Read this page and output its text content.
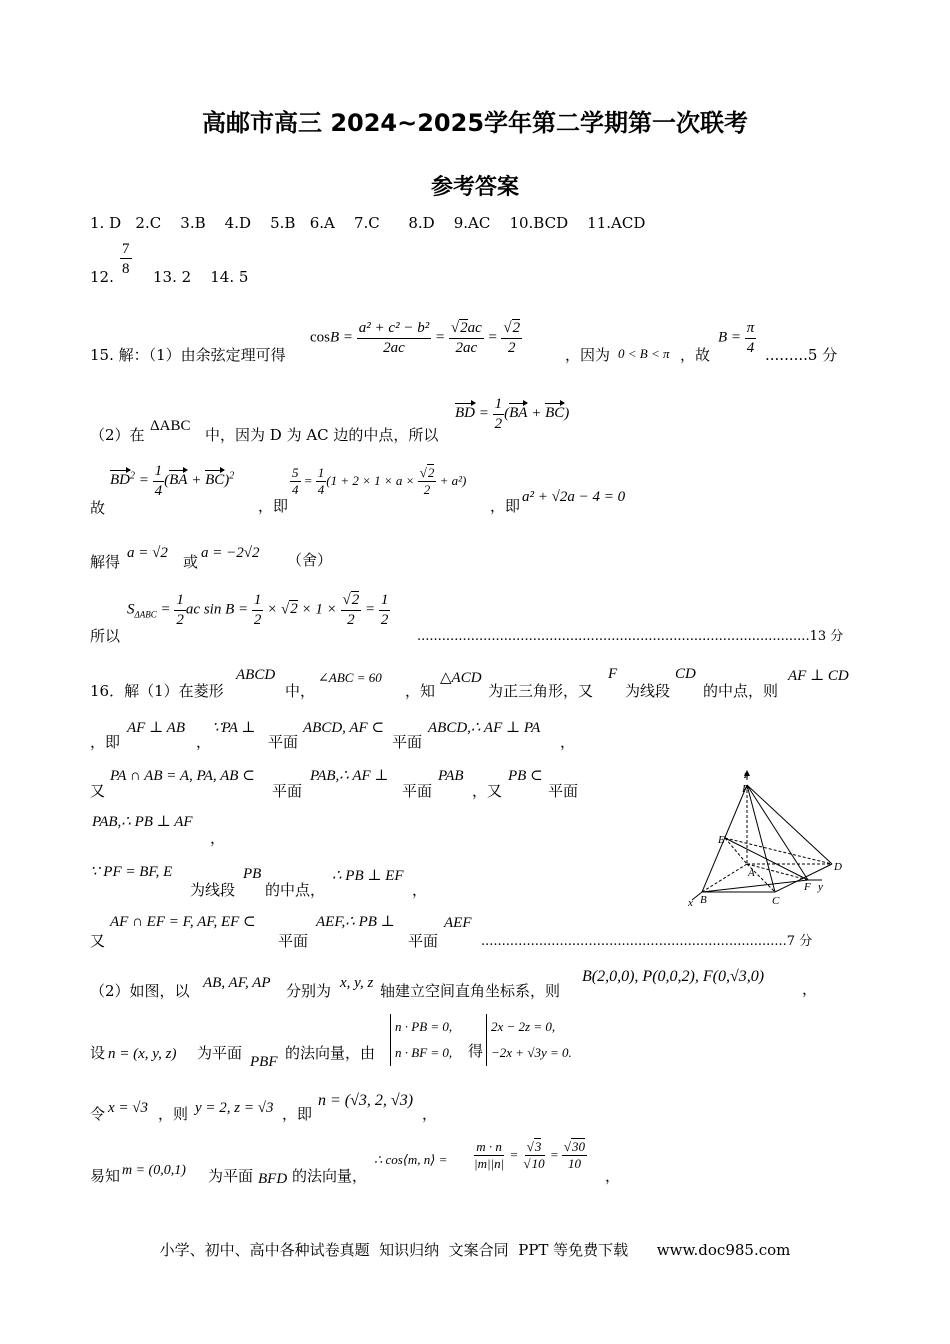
高邮市高三 2024~2025学年第二学期第一次联考
参考答案
1. D   2.C    3.B    4.D    5.B   6.A    7.C      8.D    9.AC    10.BCD    11.ACD
12. $\frac{7}{8} 13$. 2    14. 5
15. 解：（1）由余弦定理可得
$\cos B = \frac{\text{a² + c² − b²}}{2ac} = \frac{√2ac}{2ac} = \frac{√2}{2}$	，因为 0 < B < π ，故
$B = \frac{\pi}{4} .........5$ 分
（2）在 ΔABC 中，因为 D 为 AC 边的中点，所以
BD = $\frac{1}{2} (BA + BC)$
故
$BD^2 = \frac{1}{4} (BA + BC)^2$
，即
$\frac{5}{4} = \frac{1}{4} (1 + 2 \times 1 \times a \times \frac{√2}{2} + a^2)$
，即 a² + √2a − 4 = 0
解得 a = √2 或 a = −2√2 （舍）
所以
$S_{\Delta ABC} = \frac{1}{2}$ ac $\sin B = \frac{1}{2} \times √2 \times 1 \times \frac{√2}{2} = \frac{1}{2}$
...............................................................................................13 分
16．解（1）在菱形
ABCD
中，
∠ABC = 60
，知
△ACD
为正三角形，又
F
为线段
CD
的中点，则
AF ⊥ CD
，即
AF ⊥ AB
，
∵PA ⊥
平面
ABCD, AF ⊂
平面
ABCD,∴ AF ⊥ PA
，
又
PA ∩ AB = A, PA, AB ⊂
平面
PAB,∴ AF ⊥
平面
PAB
，又
PB ⊂
平面
PAB,∴ PB ⊥ AF
，
∵ PF = BF, E
为线段
PB
的中点，
∴ PB ⊥ EF
，
又
AF ∩ EF = F, AF, EF ⊂
平面
AEF,∴ PB ⊥
平面
AEF
..........................................................................7 分
z
P
E
A	D
F y
x B	C
（2）如图，以 AB, AF, AP 分别为 x, y, z 轴建立空间直角坐标系，则
B(2,0,0), P(0,0,2), F(0,√3,0)
，
设 n = (x, y, z) 为平面 PBF 的法向量，由
n · PB = 0,
n · BF = 0, 得
2x − 2z = 0,
−2x + √3y = 0.
令 x = √3 ，则 y = 2, z = √3 ，即
n = (√3, 2, √3)
，
易知 m = (0,0,1) 为平面 BFD 的法向量，
∴ cos⟨m, n⟩ = $\frac{m \cdot n}{|m||n|} = \frac{√3}{√10} = \frac{√30}{10}$
，
小学、初中、高中各种试卷真题  知识归纳  文案合同  PPT 等免费下载      www.doc985.com
